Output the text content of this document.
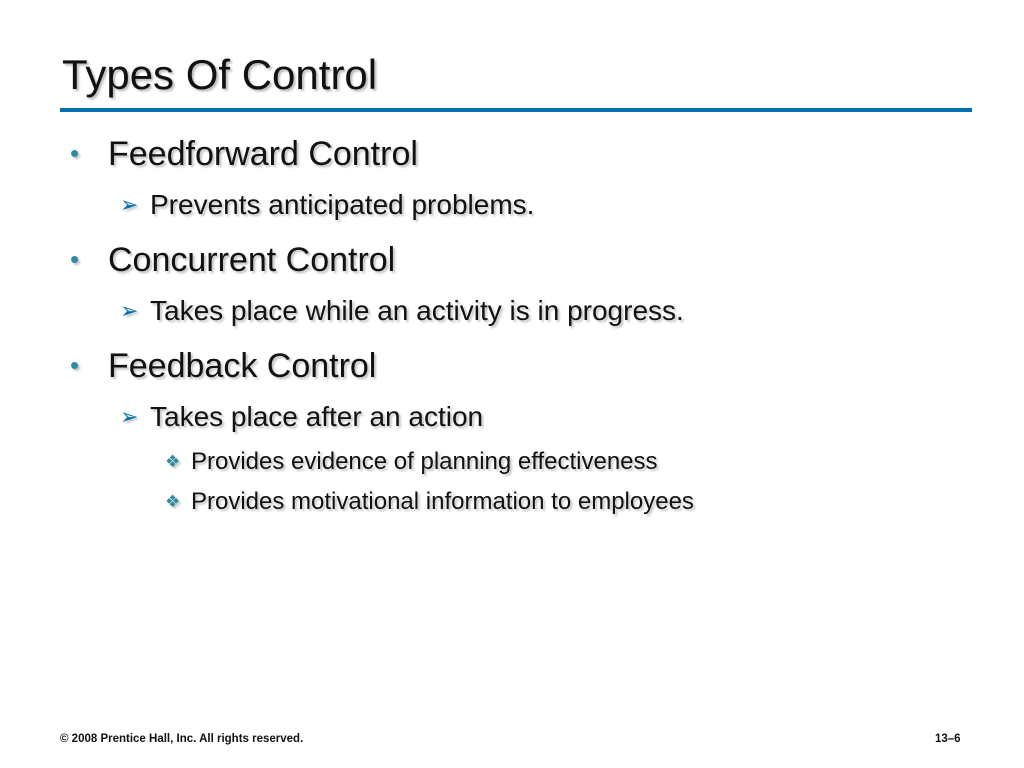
Types Of Control
• Feedforward Control
➢ Prevents anticipated problems.
• Concurrent Control
➢ Takes place while an activity is in progress.
• Feedback Control
➢ Takes place after an action
❖ Provides evidence of planning effectiveness
❖ Provides motivational information to employees
© 2008 Prentice Hall, Inc. All rights reserved.	13–6
